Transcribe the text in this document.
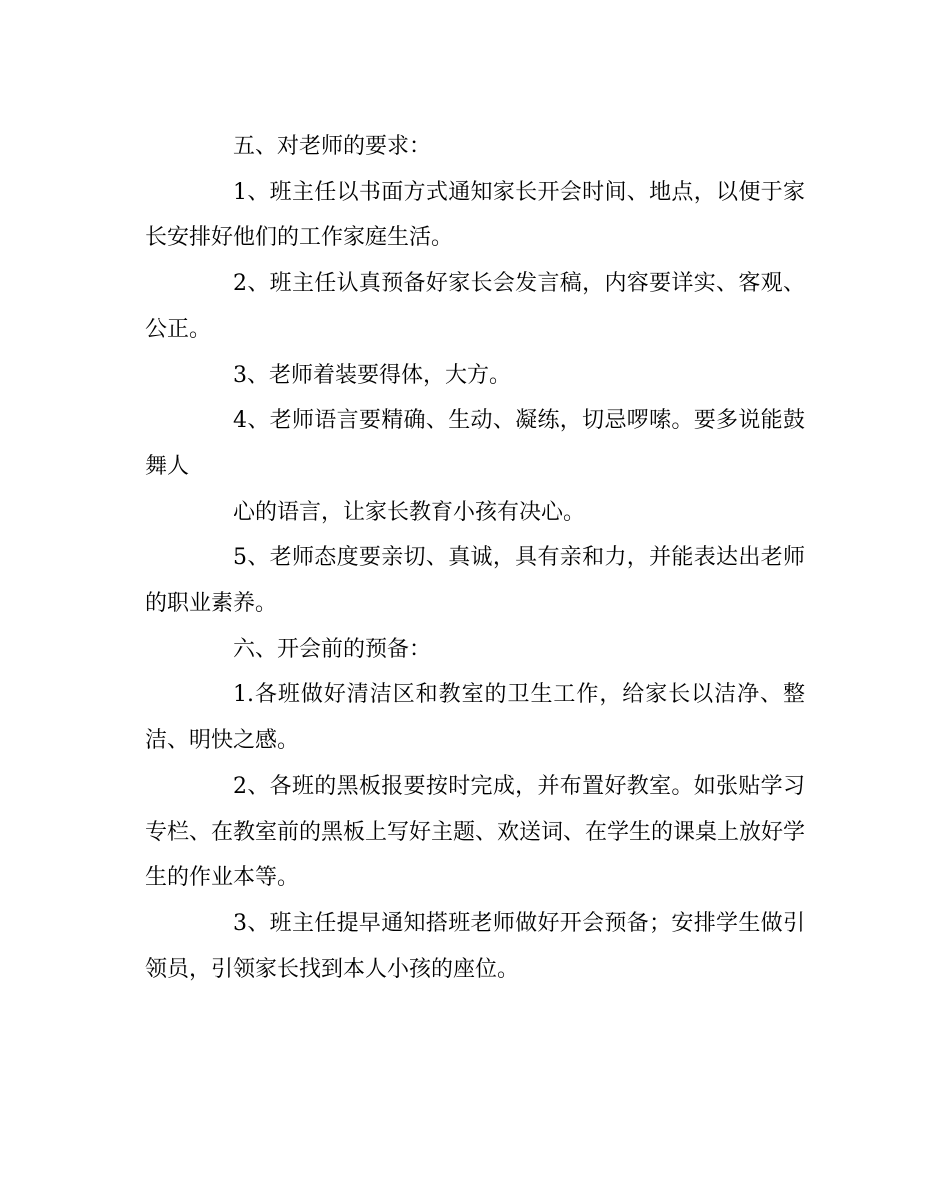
五、对老师的要求：

1、班主任以书面方式通知家长开会时间、地点，以便于家长安排好他们的工作家庭生活。

2、班主任认真预备好家长会发言稿，内容要详实、客观、公正。

3、老师着装要得体，大方。

4、老师语言要精确、生动、凝练，切忌啰嗦。要多说能鼓舞人

心的语言，让家长教育小孩有决心。

5、老师态度要亲切、真诚，具有亲和力，并能表达出老师的职业素养。

六、开会前的预备：

1.各班做好清洁区和教室的卫生工作，给家长以洁净、整洁、明快之感。

2、各班的黑板报要按时完成，并布置好教室。如张贴学习专栏、在教室前的黑板上写好主题、欢送词、在学生的课桌上放好学生的作业本等。

3、班主任提早通知搭班老师做好开会预备；安排学生做引领员，引领家长找到本人小孩的座位。
